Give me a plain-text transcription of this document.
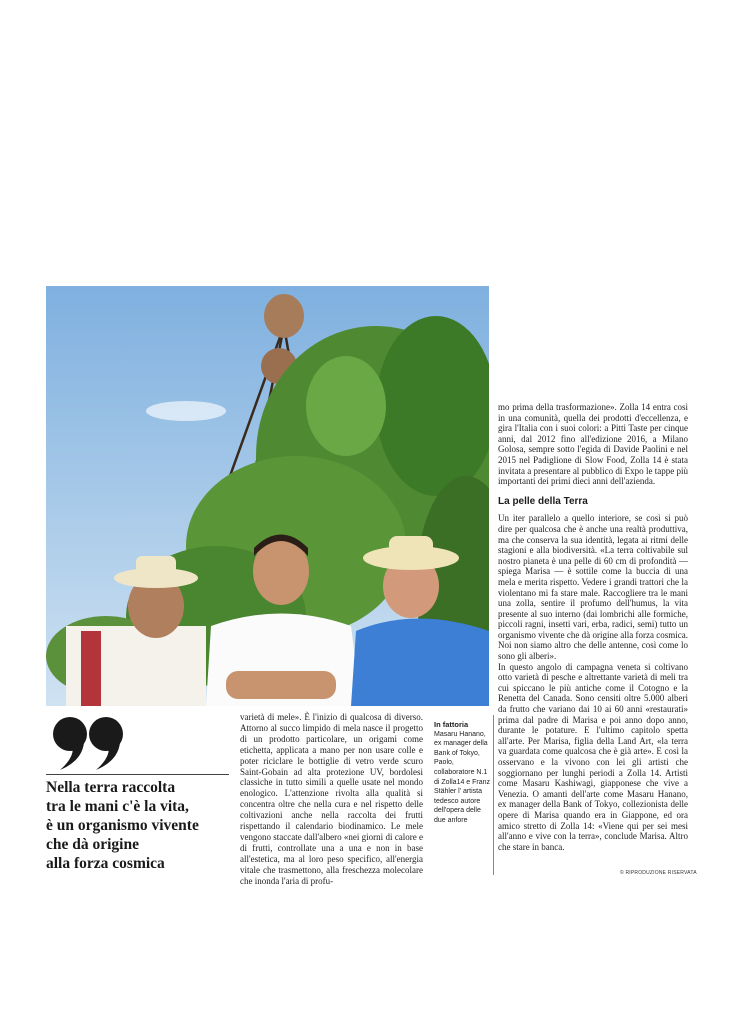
mo prima della trasformazione». Zolla 14 entra così in una comunità, quella dei prodotti d'eccellenza, e gira l'Italia con i suoi colori: a Pitti Taste per cinque anni, dal 2012 fino all'edizione 2016, a Milano Golosa, sempre sotto l'egida di Davide Paolini e nel 2015 nel Padiglione di Slow Food, Zolla 14 è stata invitata a presentare al pubblico di Expo le tappe più importanti dei primi dieci anni dell'azienda.

La pelle della Terra

Un iter parallelo a quello interiore, se così si può dire per qualcosa che è anche una realtà produttiva, ma che conserva la sua identità, legata ai ritmi delle stagioni e alla biodiversità. «La terra coltivabile sul nostro pianeta è una pelle di 60 cm di profondità — spiega Marisa — è sottile come la buccia di una mela e merita rispetto. Vedere i grandi trattori che la violentano mi fa stare male. Raccogliere tra le mani una zolla, sentire il profumo dell'humus, la vita presente al suo interno (dai lombrichi alle formiche, piccoli ragni, insetti vari, erba, radici, semi) tutto un organismo vivente che dà origine alla forza cosmica. Noi non siamo altro che delle antenne, così come lo sono gli alberi».

In questo angolo di campagna veneta si coltivano otto varietà di pesche e altrettante varietà di meli tra cui spiccano le più antiche come il Cotogno e la Renetta del Canada. Sono censiti oltre 5.000 alberi da frutto che variano dai 10 ai 60 anni «restaurati» prima dal padre di Marisa e poi anno dopo anno, durante le potature. E l'ultimo capitolo spetta all'arte. Per Marisa, figlia della Land Art, «la terra va guardata come qualcosa che è già arte». E così la osservano e la vivono con lei gli artisti che soggiornano per lunghi periodi a Zolla 14. Artisti come Masaru Kashiwagi, giapponese che vive a Venezia. O amanti dell'arte come Masaru Hanano, ex manager della Bank of Tokyo, collezionista delle opere di Marisa quando era in Giappone, ed ora amico stretto di Zolla 14: «Viene qui per sei mesi all'anno e vive con la terra», conclude Marisa. Altro che stare in banca.

Nella terra raccolta
tra le mani c'è la vita,
è un organismo vivente
che dà origine
alla forza cosmica
varietà di mele». È l'inizio di qualcosa di diverso. Attorno al succo limpido di mela nasce il progetto di un prodotto particolare, un origami come etichetta, applicata a mano per non usare colle e poter riciclare le bottiglie di vetro verde scuro Saint-Gobain ad alta protezione UV, bordolesi classiche in tutto simili a quelle usate nel mondo enologico. L'attenzione rivolta alla qualità si concentra oltre che nella cura e nel rispetto delle coltivazioni anche nella raccolta dei frutti rispettando il calendario biodinamico. Le mele vengono staccate dall'albero «nei giorni di calore e di frutti, controllate una a una e non in base all'estetica, ma al loro peso specifico, all'energia vitale che trasmettono, alla freschezza molecolare che inonda l'aria di profu-
In fattoria
Masaru Hanano, ex manager della Bank of Tokyo, Paolo, collaboratore N.1 di Zolla14 e Franz Stähler l' artista tedesco autore dell'opera delle due anfore
© RIPRODUZIONE RISERVATA
